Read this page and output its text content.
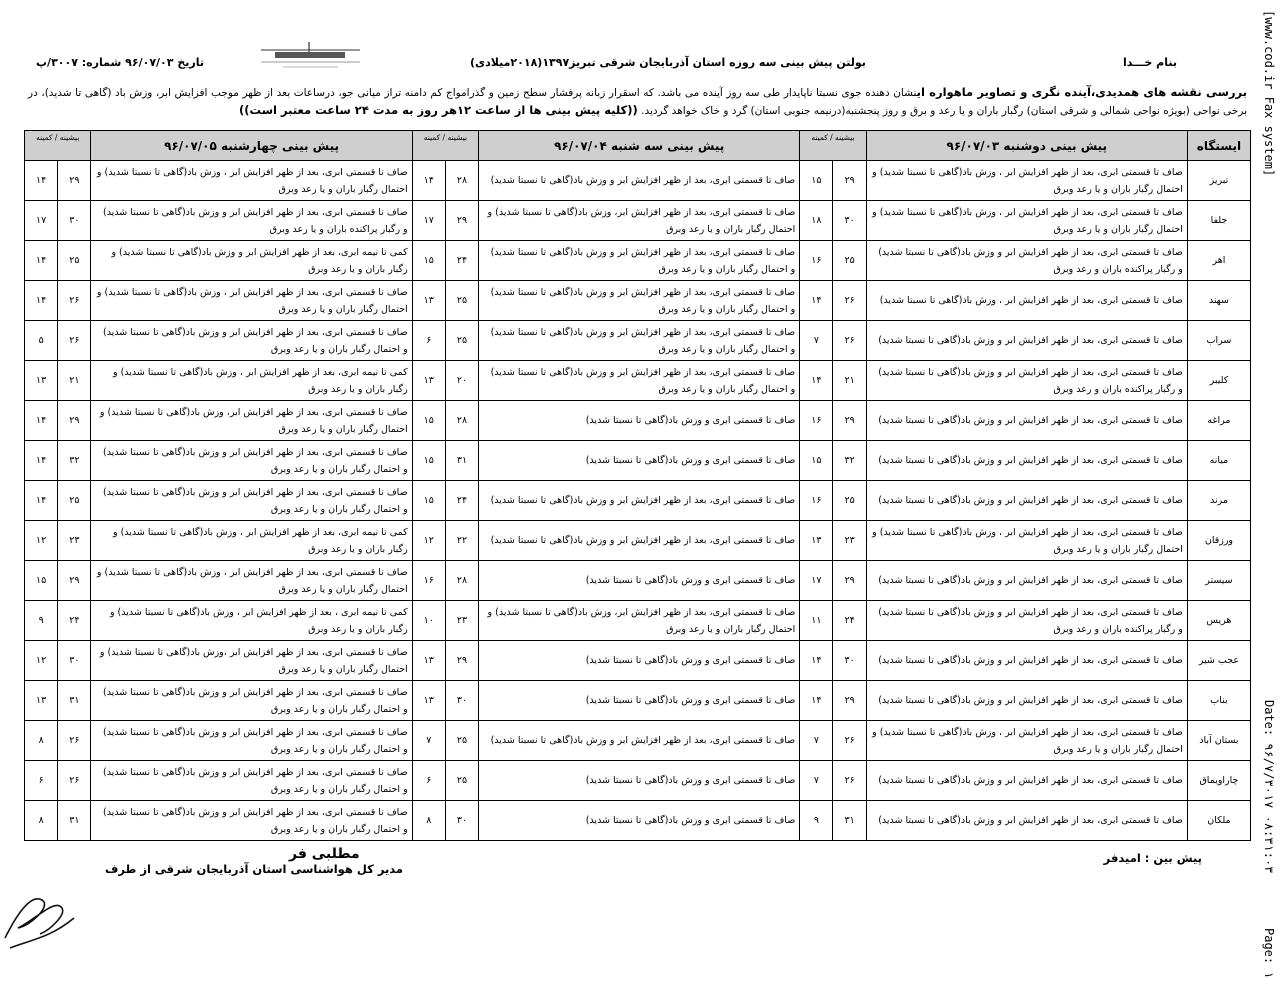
[www.cod.ir Fax system]
Date: ۹۶/۷/۳۰۱۷ ۰۸:۳۱:۰۳
Page: ۱
بنام خـــدا
بولتن پیش بینی سه روزه استان آذربایجان شرقی تبریز۱۳۹۷(۲۰۱۸میلادی)
تاریخ ۹۶/۰۷/۰۳ شماره: ۳۰۰۷/پ
بررسی نقشه های همدیدی،آینده نگری و تصاویر ماهواره اینشان دهنده جوی نسبتا ناپایدار طی سه روز آینده می باشد. که اسقرار زبانه پرفشار سطح زمین و گذرامواج کم دامنه تراز میانی جو، درساعات بعد از ظهر موجب افزایش ابر، وزش باد (گاهی تا شدید)، در برخی نواحی (بویژه نواحی شمالی و شرقی استان) رگبار باران و یا رعد و برق و روز پنجشنبه(درنیمه جنوبی استان) گرد و خاک خواهد گردید. ((کلیه پیش بینی ها از ساعت ۱۲هر روز به مدت ۲۴ ساعت معتبر است))
ایستگاه	پیش بینی دوشنبه ۹۶/۰۷/۰۳	بیشینه / کمینه		پیش بینی سه شنبه ۹۶/۰۷/۰۴	بیشینه / کمینه		پیش بینی چهارشنبه ۹۶/۰۷/۰۵	بیشینه / کمینه	
تبریز	صاف تا قسمتی ابری، بعد از ظهر افزایش ابر ، وزش باد(گاهی تا نسبتا شدید) و احتمال رگبار باران و یا رعد وبرق	۲۹	۱۵	صاف تا قسمتی ابری، بعد از ظهر افزایش ابر و وزش باد(گاهی تا نسبتا شدید)	۲۸	۱۴	صاف تا قسمتی ابری، بعد از ظهر افزایش ابر ، وزش باد(گاهی تا نسبتا شدید) و احتمال رگبار باران و یا رعد وبرق	۲۹	۱۴
جلفا	صاف تا قسمتی ابری، بعد از ظهر افزایش ابر ، وزش باد(گاهی تا نسبتا شدید) و احتمال رگبار باران و یا رعد وبرق	۳۰	۱۸	صاف تا قسمتی ابری، بعد از ظهر افزایش ابر، وزش باد(گاهی تا نسبتا شدید) و احتمال رگبار باران و یا رعد وبرق	۲۹	۱۷	صاف تا قسمتی ابری، بعد از ظهر افزایش ابر و وزش باد(گاهی تا نسبتا شدید) و رگبار پراکنده باران و یا رعد وبرق	۳۰	۱۷
اهر	صاف تا قسمتی ابری، بعد از ظهر افزایش ابر و وزش باد(گاهی تا نسبتا شدید) و رگبار پراکنده باران و رعد وبرق	۲۵	۱۶	صاف تا قسمتی ابری، بعد از ظهر افزایش ابر و وزش باد(گاهی تا نسبتا شدید) و احتمال رگبار باران و یا رعد وبرق	۲۴	۱۵	کمی تا نیمه ابری، بعد از ظهر افزایش ابر و وزش باد(گاهی تا نسبتا شدید) و رگبار باران و یا رعد وبرق	۲۵	۱۴
سهند	صاف تا قسمتی ابری، بعد از ظهر افزایش ابر ، وزش باد(گاهی تا نسبتا شدید)	۲۶	۱۴	صاف تا قسمتی ابری، بعد از ظهر افزایش ابر و وزش باد(گاهی تا نسبتا شدید) و احتمال رگبار باران و یا رعد وبرق	۲۵	۱۳	صاف تا قسمتی ابری، بعد از ظهر افزایش ابر ، وزش باد(گاهی تا نسبتا شدید) و احتمال رگبار باران و یا رعد وبرق	۲۶	۱۴
سراب	صاف تا قسمتی ابری، بعد از ظهر افزایش ابر و وزش باد(گاهی تا نسبتا شدید)	۲۶	۷	صاف تا قسمتی ابری، بعد از ظهر افزایش ابر و وزش باد(گاهی تا نسبتا شدید) و احتمال رگبار باران و یا رعد وبرق	۲۵	۶	صاف تا قسمتی ابری، بعد از ظهر افزایش ابر و وزش باد(گاهی تا نسبتا شدید) و احتمال رگبار باران و یا رعد وبرق	۲۶	۵
کلیبر	صاف تا قسمتی ابری، بعد از ظهر افزایش ابر و وزش باد(گاهی تا نسبتا شدید) و رگبار پراکنده باران و رعد وبرق	۲۱	۱۴	صاف تا قسمتی ابری، بعد از ظهر افزایش ابر و وزش باد(گاهی تا نسبتا شدید) و احتمال رگبار باران و یا رعد وبرق	۲۰	۱۳	کمی تا نیمه ابری، بعد از ظهر افزایش ابر ، وزش باد(گاهی تا نسبتا شدید) و رگبار باران و یا رعد وبرق	۲۱	۱۳
مراغه	صاف تا قسمتی ابری، بعد از ظهر افزایش ابر و وزش باد(گاهی تا نسبتا شدید)	۲۹	۱۶	صاف تا قسمتی ابری و وزش باد(گاهی تا نسبتا شدید)	۲۸	۱۵	صاف تا قسمتی ابری، بعد از ظهر افزایش ابر، وزش باد(گاهی تا نسبتا شدید) و احتمال رگبار باران و یا رعد وبرق	۲۹	۱۴
میانه	صاف تا قسمتی ابری، بعد از ظهر افزایش ابر و وزش باد(گاهی تا نسبتا شدید)	۳۲	۱۵	صاف تا قسمتی ابری و وزش باد(گاهی تا نسبتا شدید)	۳۱	۱۵	صاف تا قسمتی ابری، بعد از ظهر افزایش ابر و وزش باد(گاهی تا نسبتا شدید) و احتمال رگبار باران و یا رعد وبرق	۳۲	۱۴
مرند	صاف تا قسمتی ابری، بعد از ظهر افزایش ابر و وزش باد(گاهی تا نسبتا شدید)	۲۵	۱۶	صاف تا قسمتی ابری، بعد از ظهر افزایش ابر و وزش باد(گاهی تا نسبتا شدید)	۲۴	۱۵	صاف تا قسمتی ابری، بعد از ظهر افزایش ابر و وزش باد(گاهی تا نسبتا شدید) و احتمال رگبار باران و یا رعد وبرق	۲۵	۱۴
ورزقان	صاف تا قسمتی ابری، بعد از ظهر افزایش ابر ، وزش باد(گاهی تا نسبتا شدید) و احتمال رگبار باران و یا رعد وبرق	۲۳	۱۳	صاف تا قسمتی ابری، بعد از ظهر افزایش ابر و وزش باد(گاهی تا نسبتا شدید)	۲۲	۱۲	کمی تا نیمه ابری، بعد از ظهر افزایش ابر ، وزش باد(گاهی تا نسبتا شدید) و رگبار باران و یا رعد وبرق	۲۳	۱۲
سیستر	صاف تا قسمتی ابری، بعد از ظهر افزایش ابر و وزش باد(گاهی تا نسبتا شدید)	۲۹	۱۷	صاف تا قسمتی ابری و وزش باد(گاهی تا نسبتا شدید)	۲۸	۱۶	صاف تا قسمتی ابری، بعد از ظهر افزایش ابر ، وزش باد(گاهی تا نسبتا شدید) و احتمال رگبار باران و یا رعد وبرق	۲۹	۱۵
هریس	صاف تا قسمتی ابری، بعد از ظهر افزایش ابر و وزش باد(گاهی تا نسبتا شدید) و رگبار پراکنده باران و رعد وبرق	۲۴	۱۱	صاف تا قسمتی ابری، بعد از ظهر افزایش ابر، وزش باد(گاهی تا نسبتا شدید) و احتمال رگبار باران و یا رعد وبرق	۲۳	۱۰	کمی تا نیمه ابری ، بعد از ظهر افزایش ابر ، وزش باد(گاهی تا نسبتا شدید) و رگبار باران و یا رعد وبرق	۲۴	۹
عجب شیر	صاف تا قسمتی ابری، بعد از ظهر افزایش ابر و وزش باد(گاهی تا نسبتا شدید)	۳۰	۱۴	صاف تا قسمتی ابری و وزش باد(گاهی تا نسبتا شدید)	۲۹	۱۳	صاف تا قسمتی ابری، بعد از ظهر افزایش ابر ،وزش باد(گاهی تا نسبتا شدید) و احتمال رگبار باران و یا رعد وبرق	۳۰	۱۲
بناب	صاف تا قسمتی ابری، بعد از ظهر افزایش ابر و وزش باد(گاهی تا نسبتا شدید)	۲۹	۱۴	صاف تا قسمتی ابری و وزش باد(گاهی تا نسبتا شدید)	۳۰	۱۳	صاف تا قسمتی ابری، بعد از ظهر افزایش ابر و وزش باد(گاهی تا نسبتا شدید) و احتمال رگبار باران و یا رعد وبرق	۳۱	۱۳
بستان آباد	صاف تا قسمتی ابری، بعد از ظهر افزایش ابر ، وزش باد(گاهی تا نسبتا شدید) و احتمال رگبار باران و یا رعد وبرق	۲۶	۷	صاف تا قسمتی ابری، بعد از ظهر افزایش ابر و وزش باد(گاهی تا نسبتا شدید)	۲۵	۷	صاف تا قسمتی ابری، بعد از ظهر افزایش ابر و وزش باد(گاهی تا نسبتا شدید) و احتمال رگبار باران و یا رعد وبرق	۲۶	۸
چاراویماق	صاف تا قسمتی ابری، بعد از ظهر افزایش ابر و وزش باد(گاهی تا نسبتا شدید)	۲۶	۷	صاف تا قسمتی ابری و وزش باد(گاهی تا نسبتا شدید)	۲۵	۶	صاف تا قسمتی ابری، بعد از ظهر افزایش ابر و وزش باد(گاهی تا نسبتا شدید) و احتمال رگبار باران و یا رعد وبرق	۲۶	۶
ملکان	صاف تا قسمتی ابری، بعد از ظهر افزایش ابر و وزش باد(گاهی تا نسبتا شدید)	۳۱	۹	صاف تا قسمتی ابری و وزش باد(گاهی تا نسبتا شدید)	۳۰	۸	صاف تا قسمتی ابری، بعد از ظهر افزایش ابر و وزش باد(گاهی تا نسبتا شدید) و احتمال رگبار باران و یا رعد وبرق	۳۱	۸
پیش بین : امیدفر
مطلبی فر
مدیر کل هواشناسی استان آذربایجان شرقی از طرف
